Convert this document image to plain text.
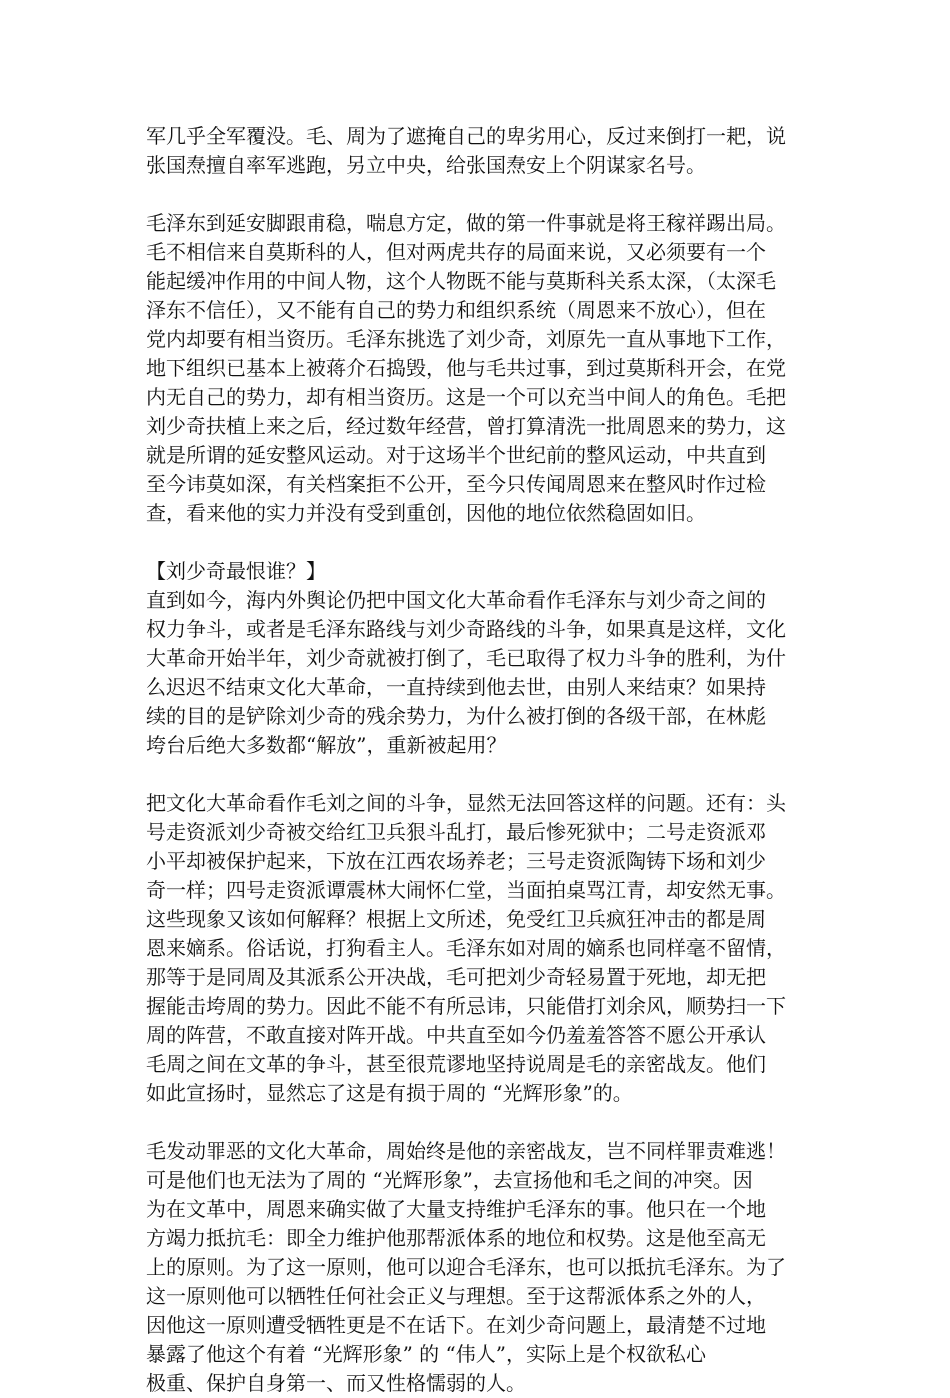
军几乎全军覆没。毛、周为了遮掩自己的卑劣用心，反过来倒打一耙，说
张国焘擅自率军逃跑，另立中央，给张国焘安上个阴谋家名号。
毛泽东到延安脚跟甫稳，喘息方定，做的第一件事就是将王稼祥踢出局。
毛不相信来自莫斯科的人，但对两虎共存的局面来说，又必须要有一个
能起缓冲作用的中间人物，这个人物既不能与莫斯科关系太深，（太深毛
泽东不信任），又不能有自己的势力和组织系统（周恩来不放心），但在
党内却要有相当资历。毛泽东挑选了刘少奇，刘原先一直从事地下工作，
地下组织已基本上被蒋介石捣毁，他与毛共过事，到过莫斯科开会，在党
内无自己的势力，却有相当资历。这是一个可以充当中间人的角色。毛把
刘少奇扶植上来之后，经过数年经营，曾打算清洗一批周恩来的势力，这
就是所谓的延安整风运动。对于这场半个世纪前的整风运动，中共直到
至今讳莫如深，有关档案拒不公开，至今只传闻周恩来在整风时作过检
查，看来他的实力并没有受到重创，因他的地位依然稳固如旧。
【刘少奇最恨谁？】
直到如今，海内外舆论仍把中国文化大革命看作毛泽东与刘少奇之间的
权力争斗，或者是毛泽东路线与刘少奇路线的斗争，如果真是这样，文化
大革命开始半年，刘少奇就被打倒了，毛已取得了权力斗争的胜利，为什
么迟迟不结束文化大革命，一直持续到他去世，由别人来结束？如果持
续的目的是铲除刘少奇的残余势力，为什么被打倒的各级干部，在林彪
垮台后绝大多数都“解放”，重新被起用？
把文化大革命看作毛刘之间的斗争，显然无法回答这样的问题。还有：头
号走资派刘少奇被交给红卫兵狠斗乱打，最后惨死狱中；二号走资派邓
小平却被保护起来，下放在江西农场养老；三号走资派陶铸下场和刘少
奇一样；四号走资派谭震林大闹怀仁堂，当面拍桌骂江青，却安然无事。
这些现象又该如何解释？根据上文所述，免受红卫兵疯狂冲击的都是周
恩来嫡系。俗话说，打狗看主人。毛泽东如对周的嫡系也同样毫不留情，
那等于是同周及其派系公开决战，毛可把刘少奇轻易置于死地，却无把
握能击垮周的势力。因此不能不有所忌讳，只能借打刘余风，顺势扫一下
周的阵营，不敢直接对阵开战。中共直至如今仍羞羞答答不愿公开承认
毛周之间在文革的争斗，甚至很荒谬地坚持说周是毛的亲密战友。他们
如此宣扬时，显然忘了这是有损于周的 “光辉形象”的。
毛发动罪恶的文化大革命，周始终是他的亲密战友，岂不同样罪责难逃！
可是他们也无法为了周的 “光辉形象”，去宣扬他和毛之间的冲突。因
为在文革中，周恩来确实做了大量支持维护毛泽东的事。他只在一个地
方竭力抵抗毛：即全力维护他那帮派体系的地位和权势。这是他至高无
上的原则。为了这一原则，他可以迎合毛泽东，也可以抵抗毛泽东。为了
这一原则他可以牺牲任何社会正义与理想。至于这帮派体系之外的人，
因他这一原则遭受牺牲更是不在话下。在刘少奇问题上，最清楚不过地
暴露了他这个有着 “光辉形象” 的 “伟人”，实际上是个权欲私心
极重、保护自身第一、而又性格懦弱的人。
